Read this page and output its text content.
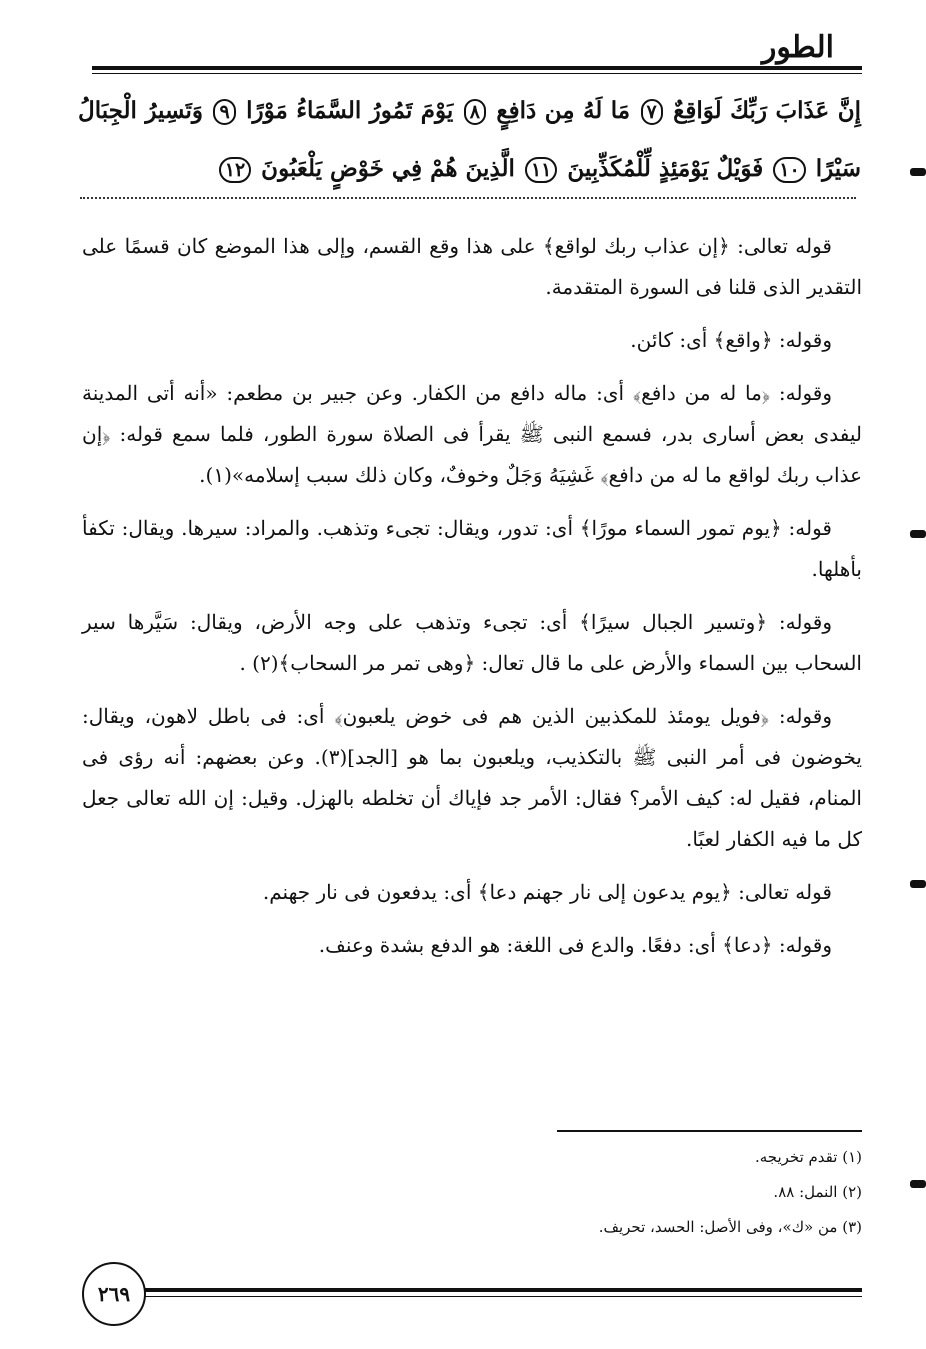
الطور
إِنَّ عَذَابَ رَبِّكَ لَوَاقِعٌ ٧ مَا لَهُ مِن دَافِعٍ ٨ يَوْمَ تَمُورُ السَّمَاءُ مَوْرًا ٩ وَتَسِيرُ الْجِبَالُ سَيْرًا ١٠ فَوَيْلٌ يَوْمَئِذٍ لِّلْمُكَذِّبِينَ ١١ الَّذِينَ هُمْ فِي خَوْضٍ يَلْعَبُونَ ١٢

قوله تعالى: ﴿إن عذاب ربك لواقع﴾ على هذا وقع القسم، وإلى هذا الموضع كان قسمًا على التقدير الذى قلنا فى السورة المتقدمة.

وقوله: ﴿واقع﴾ أى: كائن.

وقوله: ﴿ما له من دافع﴾ أى: ماله دافع من الكفار. وعن جبير بن مطعم: «أنه أتى المدينة ليفدى بعض أسارى بدر، فسمع النبى ﷺ يقرأ فى الصلاة سورة الطور، فلما سمع قوله: ﴿إن عذاب ربك لواقع ما له من دافع﴾ غَشِيَهُ وَجَلٌ وخوفٌ، وكان ذلك سبب إسلامه»(١).

قوله: ﴿يوم تمور السماء مورًا﴾ أى: تدور، ويقال: تجىء وتذهب. والمراد: سيرها. ويقال: تكفأ بأهلها.

وقوله: ﴿وتسير الجبال سيرًا﴾ أى: تجىء وتذهب على وجه الأرض، ويقال: سَيَّرها سير السحاب بين السماء والأرض على ما قال تعال: ﴿وهى تمر مر السحاب﴾(٢) .

وقوله: ﴿فويل يومئذ للمكذبين الذين هم فى خوض يلعبون﴾ أى: فى باطل لاهون، ويقال: يخوضون فى أمر النبى ﷺ بالتكذيب، ويلعبون بما هو [الجد](٣). وعن بعضهم: أنه رؤى فى المنام، فقيل له: كيف الأمر؟ فقال: الأمر جد فإياك أن تخلطه بالهزل. وقيل: إن الله تعالى جعل كل ما فيه الكفار لعبًا.

قوله تعالى: ﴿يوم يدعون إلى نار جهنم دعا﴾ أى: يدفعون فى نار جهنم.

وقوله: ﴿دعا﴾ أى: دفعًا. والدع فى اللغة: هو الدفع بشدة وعنف.

(١) تقدم تخريجه.
(٢) النمل: ٨٨.
(٣) من «ك»، وفى الأصل: الحسد، تحريف.
٢٦٩
